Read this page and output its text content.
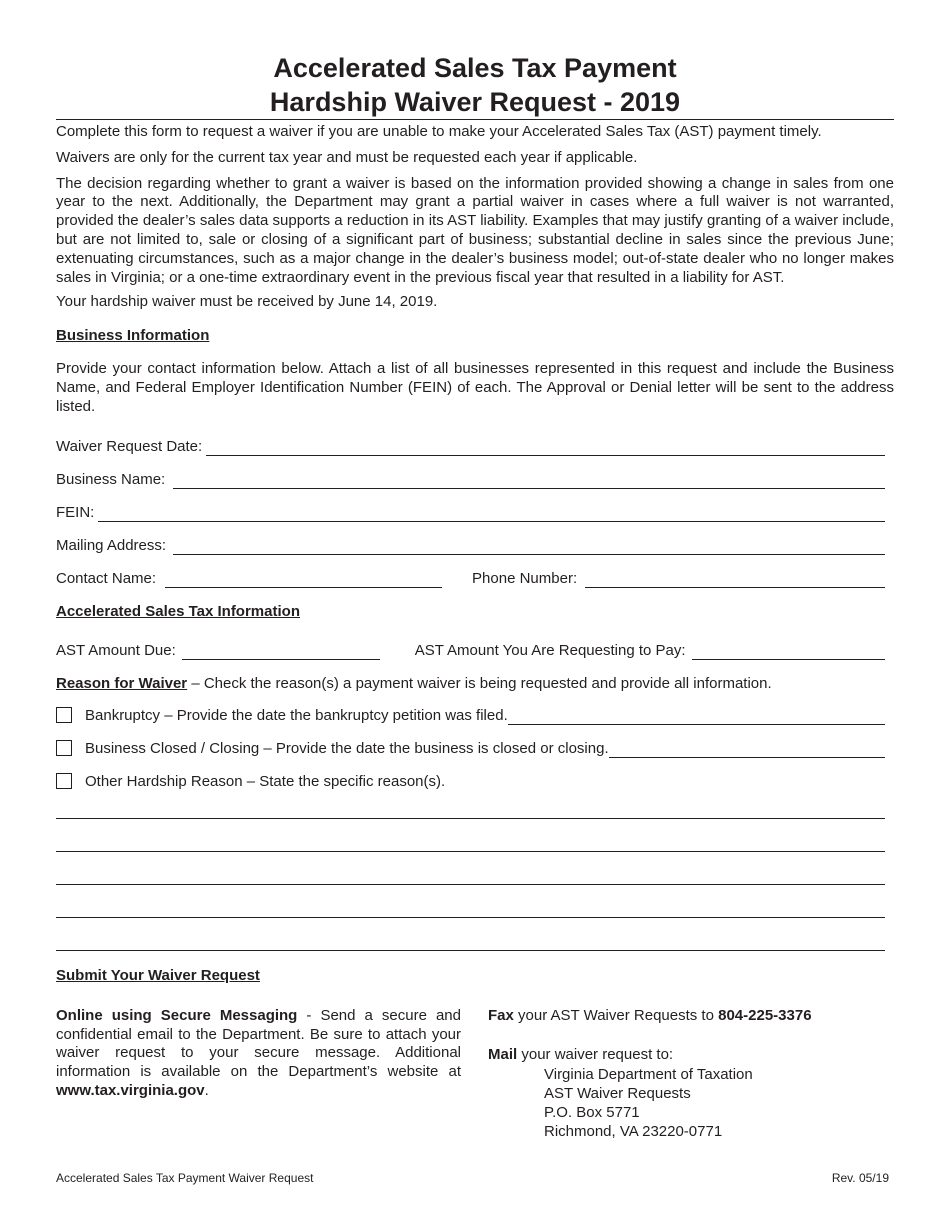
Accelerated Sales Tax Payment
Hardship Waiver Request - 2019

Complete this form to request a waiver if you are unable to make your Accelerated Sales Tax (AST) payment timely.

Waivers are only for the current tax year and must be requested each year if applicable.

The decision regarding whether to grant a waiver is based on the information provided showing a change in sales from one year to the next. Additionally, the Department may grant a partial waiver in cases where a full waiver is not warranted, provided the dealer’s sales data supports a reduction in its AST liability. Examples that may justify granting of a waiver include, but are not limited to, sale or closing of a significant part of business; substantial decline in sales since the previous June; extenuating circumstances, such as a major change in the dealer’s business model; out-of-state dealer who no longer makes sales in Virginia; or a one-time extraordinary event in the previous fiscal year that resulted in a liability for AST.

Your hardship waiver must be received by June 14, 2019.

Business Information

Provide your contact information below. Attach a list of all businesses represented in this request and include the Business Name, and Federal Employer Identification Number (FEIN) of each. The Approval or Denial letter will be sent to the address listed.

Waiver Request Date:
Business Name:
FEIN:
Mailing Address:
Contact Name:	Phone Number:
Accelerated Sales Tax Information
AST Amount Due:	AST Amount You Are Requesting to Pay:

Reason for Waiver – Check the reason(s) a payment waiver is being requested and provide all information.

Bankruptcy – Provide the date the bankruptcy petition was filed.
Business Closed / Closing – Provide the date the business is closed or closing.
Other Hardship Reason – State the specific reason(s).
Submit Your Waiver Request

Online using Secure Messaging - Send a secure and confidential email to the Department. Be sure to attach your waiver request to your secure message. Additional information is available on the Department’s website at www.tax.virginia.gov.

Fax your AST Waiver Requests to 804-225-3376

Mail your waiver request to:

Virginia Department of Taxation

AST Waiver Requests

P.O. Box 5771

Richmond, VA 23220-0771

Accelerated Sales Tax Payment Waiver Request	Rev. 05/19
